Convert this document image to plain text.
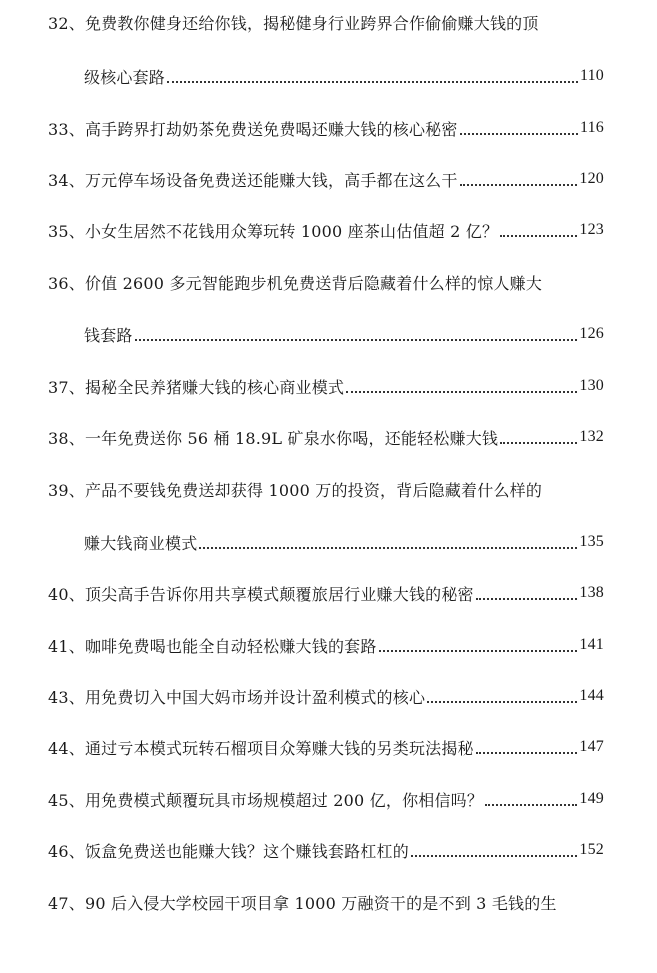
32、免费教你健身还给你钱，揭秘健身行业跨界合作偷偷赚大钱的顶
级核心套路	110
33、高手跨界打劫奶茶免费送免费喝还赚大钱的核心秘密	116
34、万元停车场设备免费送还能赚大钱，高手都在这么干	120
35、小女生居然不花钱用众筹玩转 1000 座茶山估值超 2 亿？	123
36、价值 2600 多元智能跑步机免费送背后隐藏着什么样的惊人赚大
钱套路	126
37、揭秘全民养猪赚大钱的核心商业模式	130
38、一年免费送你 56 桶 18.9L 矿泉水你喝，还能轻松赚大钱	132
39、产品不要钱免费送却获得 1000 万的投资，背后隐藏着什么样的
赚大钱商业模式	135
40、顶尖高手告诉你用共享模式颠覆旅居行业赚大钱的秘密	138
41、咖啡免费喝也能全自动轻松赚大钱的套路	141
43、用免费切入中国大妈市场并设计盈利模式的核心	144
44、通过亏本模式玩转石榴项目众筹赚大钱的另类玩法揭秘	147
45、用免费模式颠覆玩具市场规模超过 200 亿，你相信吗？	149
46、饭盒免费送也能赚大钱？这个赚钱套路杠杠的	152
47、90 后入侵大学校园干项目拿 1000 万融资干的是不到 3 毛钱的生
